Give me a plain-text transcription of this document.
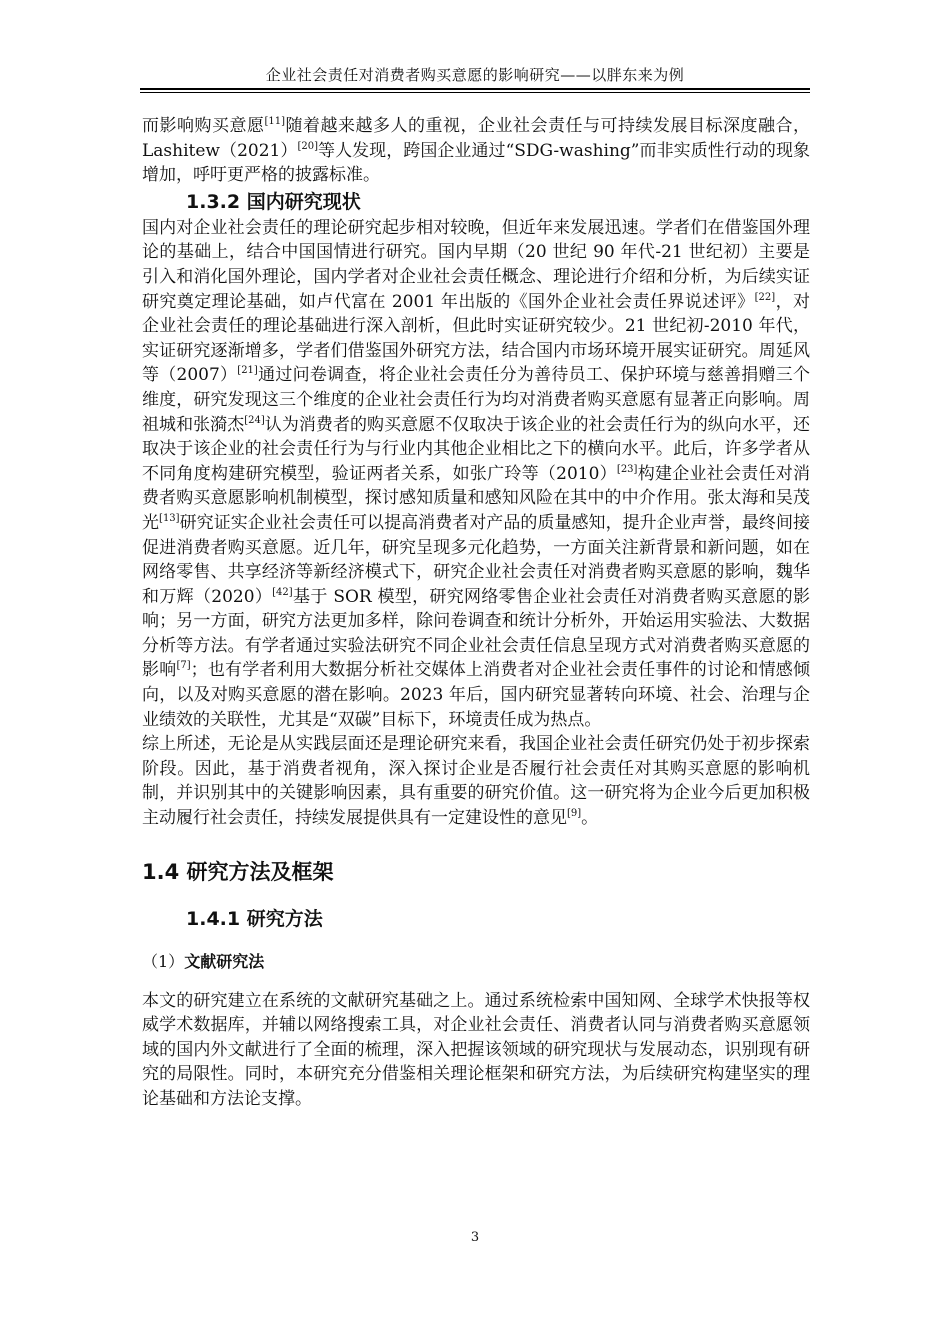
企业社会责任对消费者购买意愿的影响研究——以胖东来为例

而影响购买意愿[11]随着越来越多人的重视，企业社会责任与可持续发展目标深度融合，Lashitew（2021）[20]等人发现，跨国企业通过“SDG-washing”而非实质性行动的现象增加，呼吁更严格的披露标准。

1.3.2 国内研究现状

国内对企业社会责任的理论研究起步相对较晚，但近年来发展迅速。学者们在借鉴国外理论的基础上，结合中国国情进行研究。国内早期（20 世纪 90 年代-21 世纪初）主要是引入和消化国外理论，国内学者对企业社会责任概念、理论进行介绍和分析，为后续实证研究奠定理论基础，如卢代富在 2001 年出版的《国外企业社会责任界说述评》[22]，对企业社会责任的理论基础进行深入剖析，但此时实证研究较少。21 世纪初-2010 年代，实证研究逐渐增多，学者们借鉴国外研究方法，结合国内市场环境开展实证研究。周延风等（2007）[21]通过问卷调查，将企业社会责任分为善待员工、保护环境与慈善捐赠三个维度，研究发现这三个维度的企业社会责任行为均对消费者购买意愿有显著正向影响。周祖城和张漪杰[24]认为消费者的购买意愿不仅取决于该企业的社会责任行为的纵向水平，还取决于该企业的社会责任行为与行业内其他企业相比之下的横向水平。此后，许多学者从不同角度构建研究模型，验证两者关系，如张广玲等（2010）[23]构建企业社会责任对消费者购买意愿影响机制模型，探讨感知质量和感知风险在其中的中介作用。张太海和吴茂光[13]研究证实企业社会责任可以提高消费者对产品的质量感知，提升企业声誉，最终间接促进消费者购买意愿。近几年，研究呈现多元化趋势，一方面关注新背景和新问题，如在网络零售、共享经济等新经济模式下，研究企业社会责任对消费者购买意愿的影响，魏华和万辉（2020）[42]基于 SOR 模型，研究网络零售企业社会责任对消费者购买意愿的影响；另一方面，研究方法更加多样，除问卷调查和统计分析外，开始运用实验法、大数据分析等方法。有学者通过实验法研究不同企业社会责任信息呈现方式对消费者购买意愿的影响[7]；也有学者利用大数据分析社交媒体上消费者对企业社会责任事件的讨论和情感倾向，以及对购买意愿的潜在影响。2023 年后，国内研究显著转向环境、社会、治理与企业绩效的关联性，尤其是“双碳”目标下，环境责任成为热点。

综上所述，无论是从实践层面还是理论研究来看，我国企业社会责任研究仍处于初步探索阶段。因此，基于消费者视角，深入探讨企业是否履行社会责任对其购买意愿的影响机制，并识别其中的关键影响因素，具有重要的研究价值。这一研究将为企业今后更加积极主动履行社会责任，持续发展提供具有一定建设性的意见[9]。

1.4 研究方法及框架
1.4.1 研究方法
（1）文献研究法

本文的研究建立在系统的文献研究基础之上。通过系统检索中国知网、全球学术快报等权威学术数据库，并辅以网络搜索工具，对企业社会责任、消费者认同与消费者购买意愿领域的国内外文献进行了全面的梳理，深入把握该领域的研究现状与发展动态，识别现有研究的局限性。同时，本研究充分借鉴相关理论框架和研究方法，为后续研究构建坚实的理论基础和方法论支撑。

3
